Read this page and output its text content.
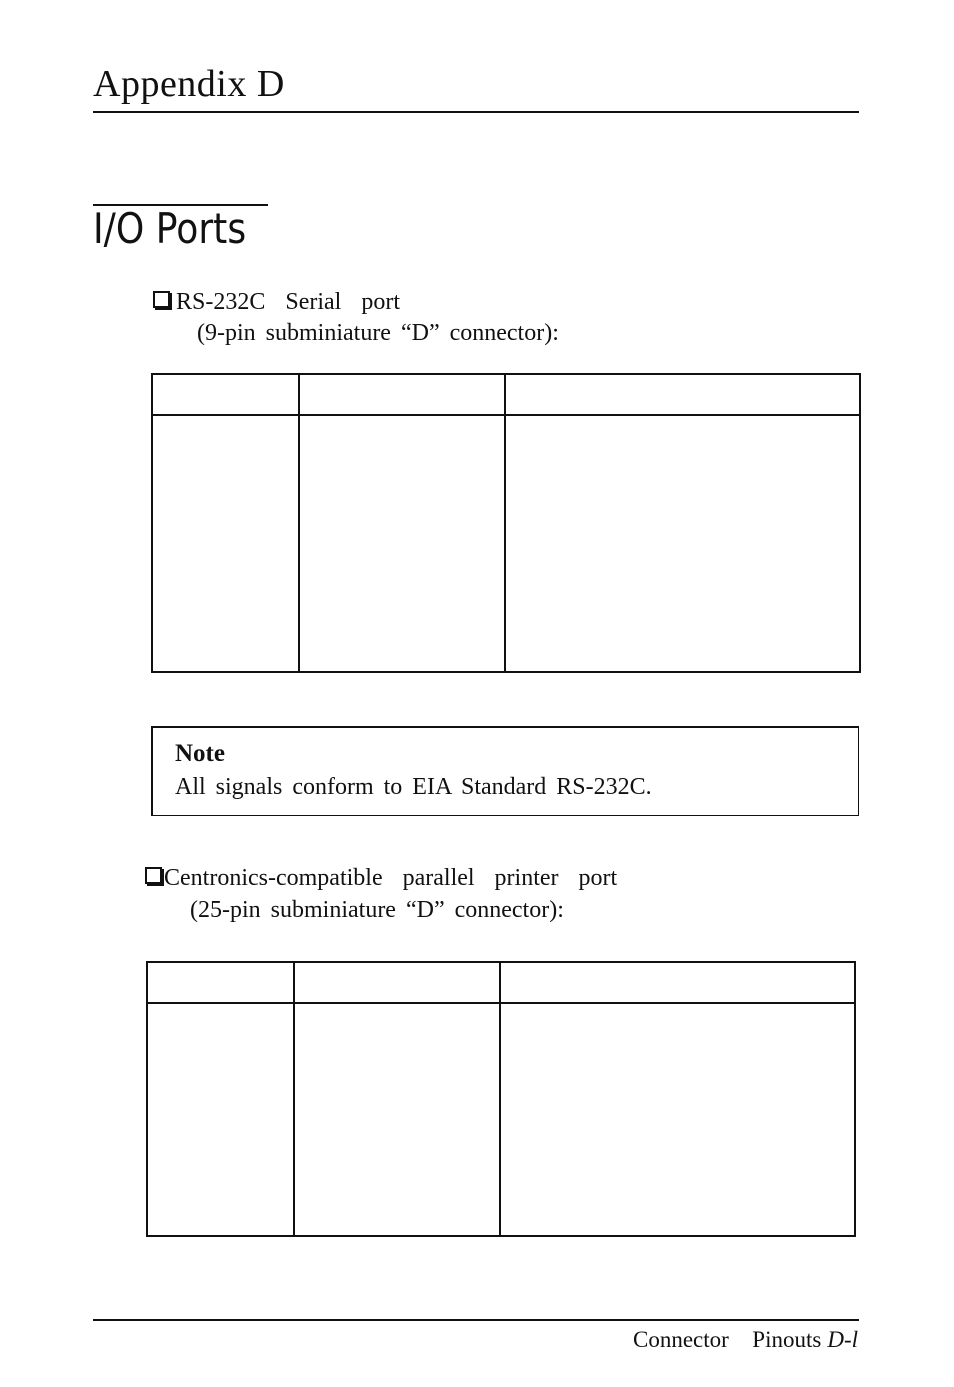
Appendix D
I/O Ports
RS-232C  Serial  port
(9-pin subminiature “D” connector):

Note
All signals conform to EIA Standard RS-232C.
Centronics-compatible  parallel  printer  port
(25-pin subminiature “D” connector):

Connector  Pinouts D-l
